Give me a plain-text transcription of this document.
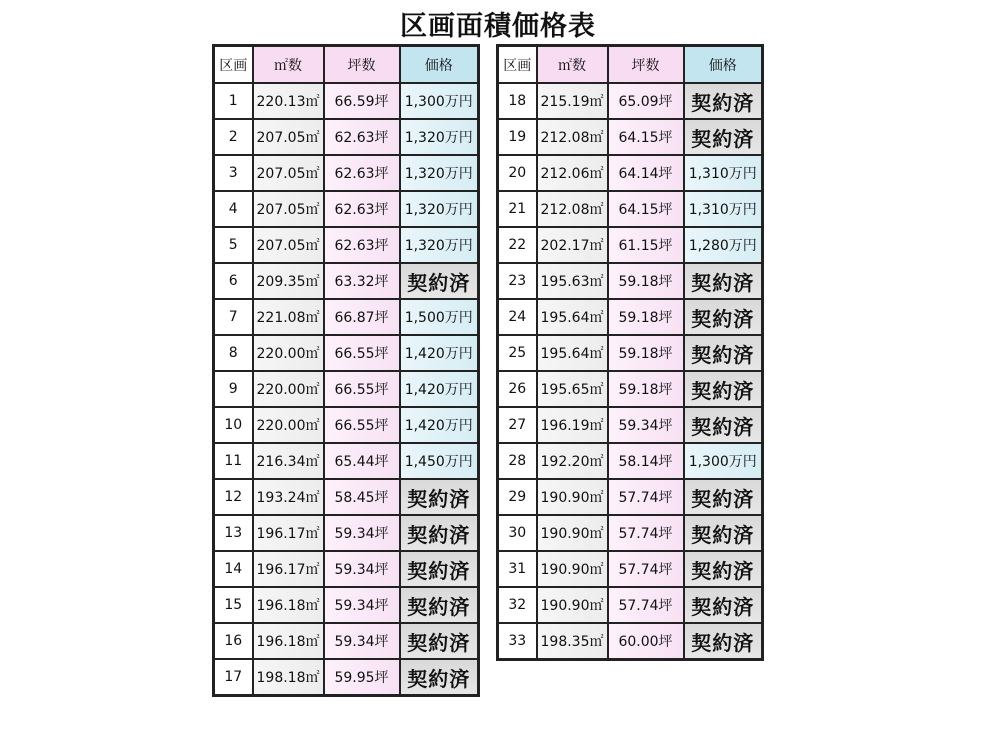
区画面積価格表
区画	㎡数	坪数	価格
1	220.13㎡	66.59坪	1,300万円
2	207.05㎡	62.63坪	1,320万円
3	207.05㎡	62.63坪	1,320万円
4	207.05㎡	62.63坪	1,320万円
5	207.05㎡	62.63坪	1,320万円
6	209.35㎡	63.32坪	契約済
7	221.08㎡	66.87坪	1,500万円
8	220.00㎡	66.55坪	1,420万円
9	220.00㎡	66.55坪	1,420万円
10	220.00㎡	66.55坪	1,420万円
11	216.34㎡	65.44坪	1,450万円
12	193.24㎡	58.45坪	契約済
13	196.17㎡	59.34坪	契約済
14	196.17㎡	59.34坪	契約済
15	196.18㎡	59.34坪	契約済
16	196.18㎡	59.34坪	契約済
17	198.18㎡	59.95坪	契約済
区画	㎡数	坪数	価格
18	215.19㎡	65.09坪	契約済
19	212.08㎡	64.15坪	契約済
20	212.06㎡	64.14坪	1,310万円
21	212.08㎡	64.15坪	1,310万円
22	202.17㎡	61.15坪	1,280万円
23	195.63㎡	59.18坪	契約済
24	195.64㎡	59.18坪	契約済
25	195.64㎡	59.18坪	契約済
26	195.65㎡	59.18坪	契約済
27	196.19㎡	59.34坪	契約済
28	192.20㎡	58.14坪	1,300万円
29	190.90㎡	57.74坪	契約済
30	190.90㎡	57.74坪	契約済
31	190.90㎡	57.74坪	契約済
32	190.90㎡	57.74坪	契約済
33	198.35㎡	60.00坪	契約済
